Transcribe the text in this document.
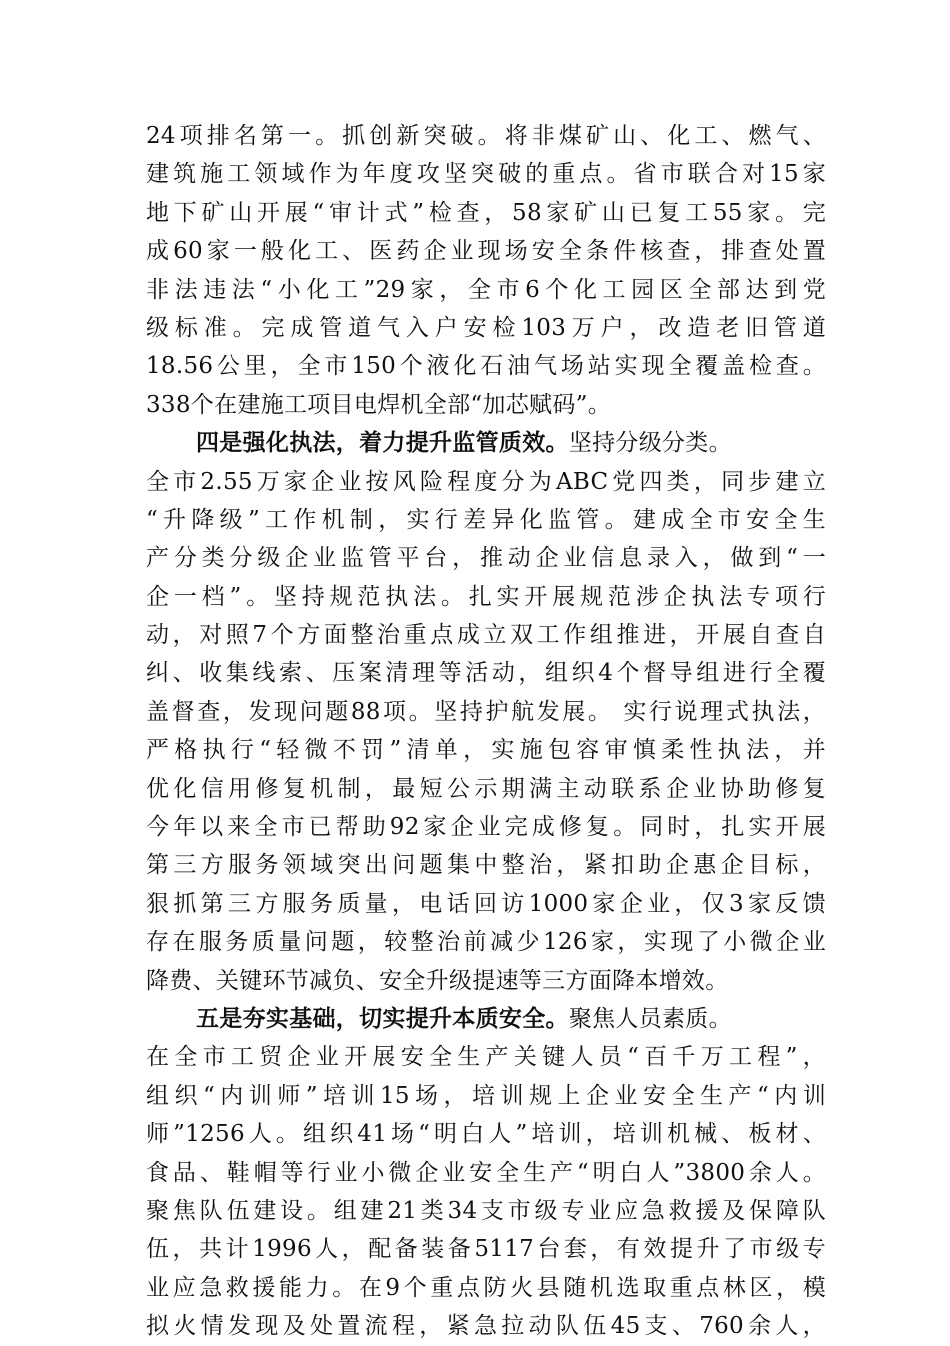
24项排名第一。抓创新突破。将非煤矿山、化工、燃气、
建筑施工领域作为年度攻坚突破的重点。省市联合对15家
地下矿山开展“审计式”检查，58家矿山已复工55家。完
成60家一般化工、医药企业现场安全条件核查，排查处置
非法违法“小化工”29家，全市6个化工园区全部达到党
级标准。完成管道气入户安检103万户，改造老旧管道
18.56公里，全市150个液化石油气场站实现全覆盖检查。
338个在建施工项目电焊机全部“加芯赋码”。
四是强化执法，着力提升监管质效。坚持分级分类。
全市2.55万家企业按风险程度分为ABC党四类，同步建立
“升降级”工作机制，实行差异化监管。建成全市安全生
产分类分级企业监管平台，推动企业信息录入，做到“一
企一档”。坚持规范执法。扎实开展规范涉企执法专项行
动，对照7个方面整治重点成立双工作组推进，开展自查自
纠、收集线索、压案清理等活动，组织4个督导组进行全覆
盖督查，发现问题88项。坚持护航发展。 实行说理式执法，
严格执行“轻微不罚”清单，实施包容审慎柔性执法，并
优化信用修复机制，最短公示期满主动联系企业协助修复
今年以来全市已帮助92家企业完成修复。同时，扎实开展
第三方服务领域突出问题集中整治，紧扣助企惠企目标，
狠抓第三方服务质量，电话回访1000家企业，仅3家反馈
存在服务质量问题，较整治前减少126家，实现了小微企业
降费、关键环节减负、安全升级提速等三方面降本增效。
五是夯实基础，切实提升本质安全。聚焦人员素质。
在全市工贸企业开展安全生产关键人员“百千万工程”，
组织“内训师”培训15场，培训规上企业安全生产“内训
师”1256人。组织41场“明白人”培训，培训机械、板材、
食品、鞋帽等行业小微企业安全生产“明白人”3800余人。
聚焦队伍建设。组建21类34支市级专业应急救援及保障队
伍，共计1996人，配备装备5117台套，有效提升了市级专
业应急救援能力。在9个重点防火县随机选取重点林区，模
拟火情发现及处置流程，紧急拉动队伍45支、760余人，
